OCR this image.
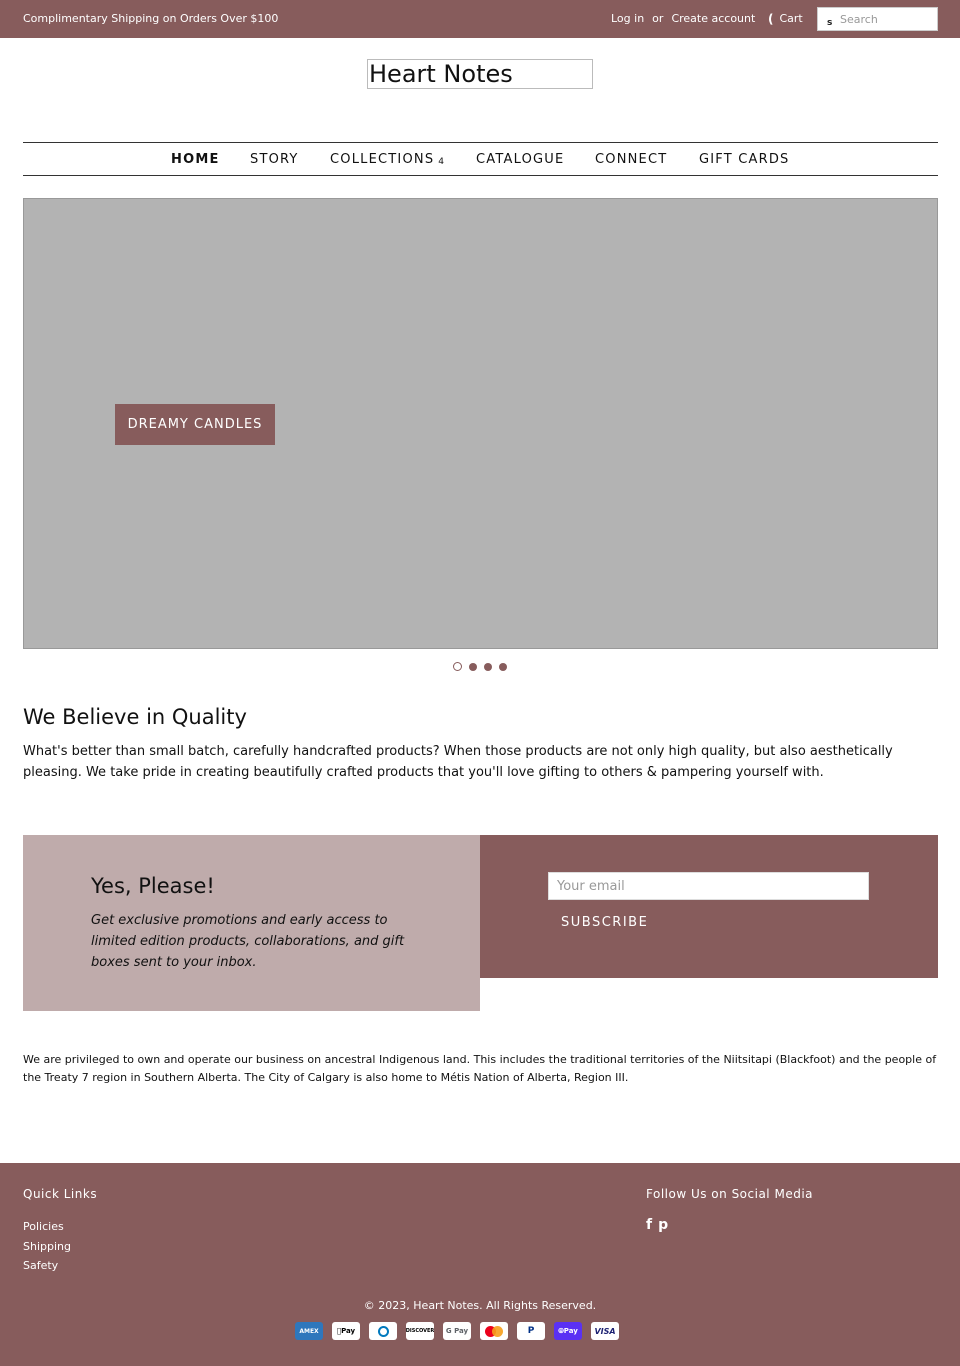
Complimentary Shipping on Orders Over $100	Log in or Create account ( Cart	s
Search
Heart Notes
HOME STORY COLLECTIONS 4 CATALOGUE CONNECT GIFT CARDS
DREAMY CANDLES
We Believe in Quality

What's better than small batch, carefully handcrafted products? When those products are not only high quality, but also aesthetically pleasing. We take pride in creating beautifully crafted products that you'll love gifting to others & pampering yourself with.

Yes, Please!
Get exclusive promotions and early access to limited edition products, collaborations, and gift boxes sent to your inbox.
Your email
SUBSCRIBE

We are privileged to own and operate our business on ancestral Indigenous land. This includes the traditional territories of the Niitsitapi (Blackfoot) and the people of the Treaty 7 region in Southern Alberta. The City of Calgary is also home to Métis Nation of Alberta, Region III.

Quick Links
Policies
Shipping
Safety
Follow Us on Social Media
f p
© 2023, Heart Notes. All Rights Reserved.
AMEX	Pay	DISCOVER	G Pay	P	⦾ Pay	VISA
